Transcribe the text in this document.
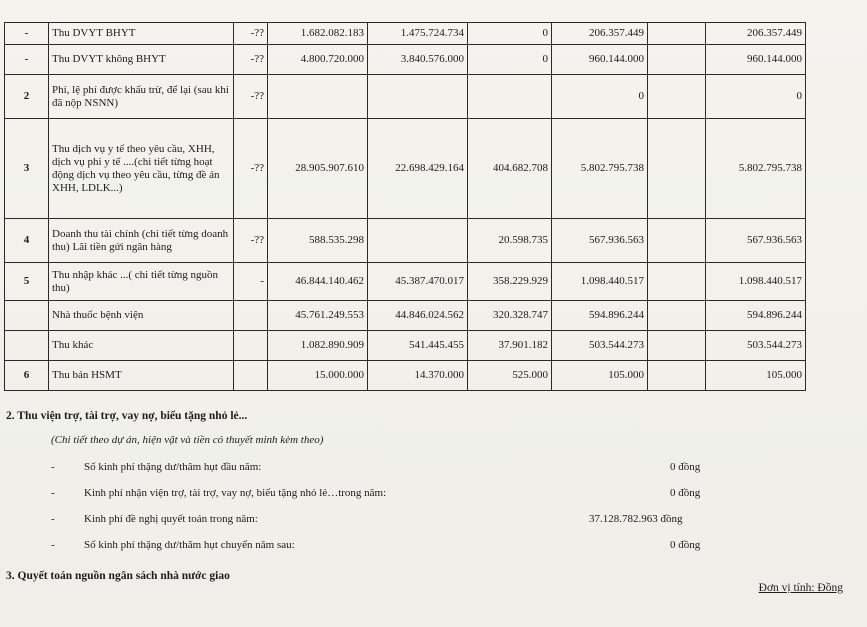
-	Thu DVYT BHYT	-??	1.682.082.183	1.475.724.734	0	206.357.449		206.357.449
-	Thu DVYT không BHYT	-??	4.800.720.000	3.840.576.000	0	960.144.000		960.144.000
2	Phí, lệ phí được khấu trừ, để lại (sau khi đã nộp NSNN)	-??				0		0
3	Thu dịch vụ y tế theo yêu cầu, XHH, dịch vụ phi y tế ....(chi tiết từng hoạt động dịch vụ theo yêu cầu, từng đề án XHH, LDLK...)	-??	28.905.907.610	22.698.429.164	404.682.708	5.802.795.738		5.802.795.738
4	Doanh thu tài chính (chi tiết từng doanh thu) Lãi tiền gửi ngân hàng	-??	588.535.298		20.598.735	567.936.563		567.936.563
5	Thu nhập khác ...( chi tiết từng nguồn thu)	-	46.844.140.462	45.387.470.017	358.229.929	1.098.440.517		1.098.440.517
	Nhà thuốc bệnh viện		45.761.249.553	44.846.024.562	320.328.747	594.896.244		594.896.244
	Thu khác		1.082.890.909	541.445.455	37.901.182	503.544.273		503.544.273
6	Thu bán HSMT		15.000.000	14.370.000	525.000	105.000		105.000
2. Thu viện trợ, tài trợ, vay nợ, biếu tặng nhỏ lẻ...
(Chi tiết theo dự án, hiện vật và tiền có thuyết minh kèm theo)
-	Số kinh phí thặng dư/thâm hụt đầu năm:	0 đồng
-	Kinh phí nhận viện trợ, tài trợ, vay nợ, biếu tặng nhỏ lẻ…trong năm:	0 đồng
-	Kinh phí đề nghị quyết toán trong năm:	37.128.782.963 đồng
-	Số kinh phí thặng dư/thâm hụt chuyển năm sau:	0 đồng
3. Quyết toán nguồn ngân sách nhà nước giao
Đơn vị tính: Đồng
